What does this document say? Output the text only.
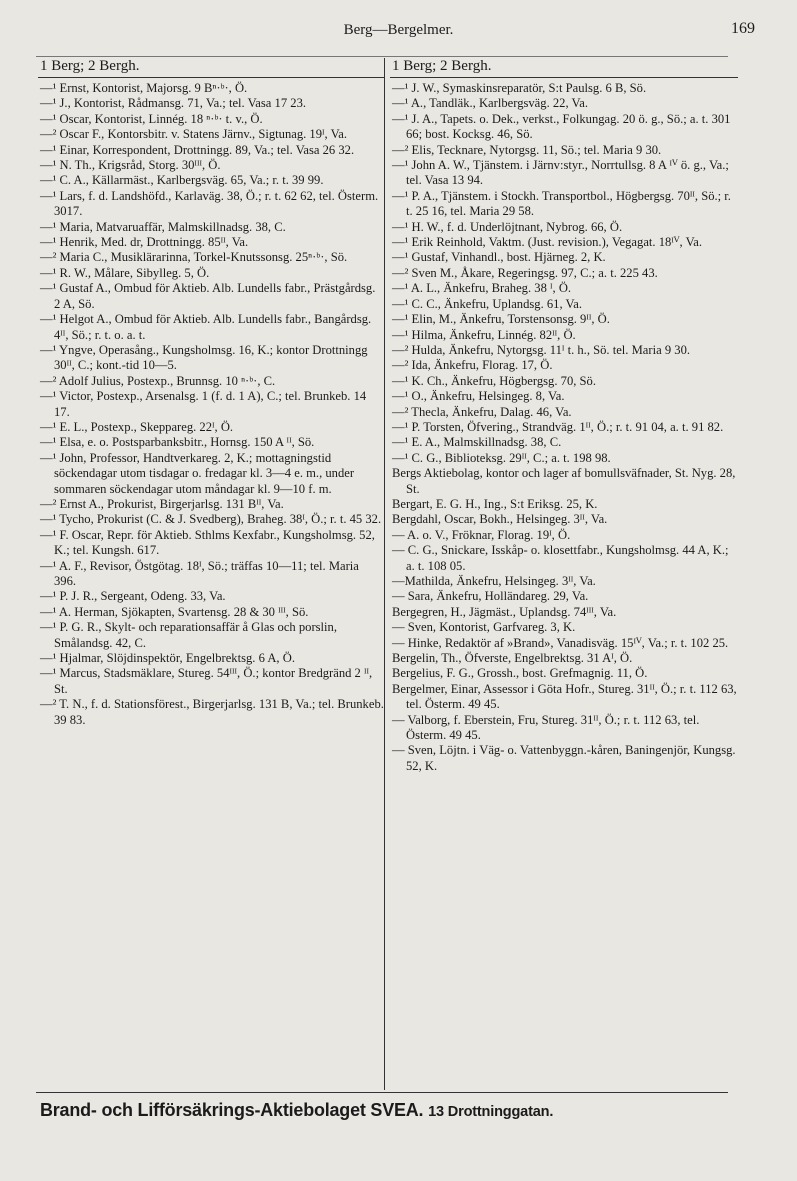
Berg—Bergelmer.	169
1 Berg; 2 Bergh.

—¹ Ernst, Kontorist, Majorsg. 9 Bⁿ·ᵇ·, Ö.

—¹ J., Kontorist, Rådmansg. 71, Va.; tel. Vasa 17 23.

—¹ Oscar, Kontorist, Linnég. 18 ⁿ·ᵇ· t. v., Ö.

—² Oscar F., Kontorsbitr. v. Statens Järnv., Sigtunag. 19ᴵ, Va.

—¹ Einar, Korrespondent, Drottningg. 89, Va.; tel. Vasa 26 32.

—¹ N. Th., Krigsråd, Storg. 30ᴵᴵᴵ, Ö.

—¹ C. A., Källarmäst., Karlbergsväg. 65, Va.; r. t. 39 99.

—¹ Lars, f. d. Landshöfd., Karlaväg. 38, Ö.; r. t. 62 62, tel. Österm. 3017.

—¹ Maria, Matvaruaffär, Malmskillnadsg. 38, C.

—¹ Henrik, Med. dr, Drottningg. 85ᴵᴵ, Va.

—² Maria C., Musiklärarinna, Torkel-Knutssonsg. 25ⁿ·ᵇ·, Sö.

—¹ R. W., Målare, Sibylleg. 5, Ö.

—¹ Gustaf A., Ombud för Aktieb. Alb. Lundells fabr., Prästgårdsg. 2 A, Sö.

—¹ Helgot A., Ombud för Aktieb. Alb. Lundells fabr., Bangårdsg. 4ᴵᴵ, Sö.; r. t. o. a. t.

—¹ Yngve, Operasång., Kungsholmsg. 16, K.; kontor Drottningg 30ᴵᴵ, C.; kont.-tid 10—5.

—² Adolf Julius, Postexp., Brunnsg. 10 ⁿ·ᵇ·, C.

—¹ Victor, Postexp., Arsenalsg. 1 (f. d. 1 A), C.; tel. Brunkeb. 14 17.

—¹ E. L., Postexp., Skeppareg. 22ᴵ, Ö.

—¹ Elsa, e. o. Postsparbanksbitr., Hornsg. 150 A ᴵᴵ, Sö.

—¹ John, Professor, Handtverkareg. 2, K.; mottagningstid söckendagar utom tisdagar o. fredagar kl. 3—4 e. m., under sommaren söckendagar utom måndagar kl. 9—10 f. m.

—² Ernst A., Prokurist, Birgerjarlsg. 131 Bᴵᴵ, Va.

—¹ Tycho, Prokurist (C. & J. Svedberg), Braheg. 38ᴵ, Ö.; r. t. 45 32.

—¹ F. Oscar, Repr. för Aktieb. Sthlms Kexfabr., Kungsholmsg. 52, K.; tel. Kungsh. 617.

—¹ A. F., Revisor, Östgötag. 18ᴵ, Sö.; träffas 10—11; tel. Maria 396.

—¹ P. J. R., Sergeant, Odeng. 33, Va.

—¹ A. Herman, Sjökapten, Svartensg. 28 & 30 ᴵᴵᴵ, Sö.

—¹ P. G. R., Skylt- och reparationsaffär å Glas och porslin, Smålandsg. 42, C.

—¹ Hjalmar, Slöjdinspektör, Engelbrektsg. 6 A, Ö.

—¹ Marcus, Stadsmäklare, Stureg. 54ᴵᴵᴵ, Ö.; kontor Bredgränd 2 ᴵᴵ, St.

—² T. N., f. d. Stationsförest., Birgerjarlsg. 131 B, Va.; tel. Brunkeb. 39 83.

1 Berg; 2 Bergh.

—¹ J. W., Symaskinsreparatör, S:t Paulsg. 6 B, Sö.

—¹ A., Tandläk., Karlbergsväg. 22, Va.

—¹ J. A., Tapets. o. Dek., verkst., Folkungag. 20 ö. g., Sö.; a. t. 301 66; bost. Kocksg. 46, Sö.

—² Elis, Tecknare, Nytorgsg. 11, Sö.; tel. Maria 9 30.

—¹ John A. W., Tjänstem. i Järnv:styr., Norrtullsg. 8 A ᴵⱽ ö. g., Va.; tel. Vasa 13 94.

—¹ P. A., Tjänstem. i Stockh. Transportbol., Högbergsg. 70ᴵᴵ, Sö.; r. t. 25 16, tel. Maria 29 58.

—¹ H. W., f. d. Underlöjtnant, Nybrog. 66, Ö.

—¹ Erik Reinhold, Vaktm. (Just. revision.), Vegagat. 18ᴵⱽ, Va.

—¹ Gustaf, Vinhandl., bost. Hjärneg. 2, K.

—² Sven M., Åkare, Regeringsg. 97, C.; a. t. 225 43.

—¹ A. L., Änkefru, Braheg. 38 ᴵ, Ö.

—¹ C. C., Änkefru, Uplandsg. 61, Va.

—¹ Elin, M., Änkefru, Torstensonsg. 9ᴵᴵ, Ö.

—¹ Hilma, Änkefru, Linnég. 82ᴵᴵ, Ö.

—² Hulda, Änkefru, Nytorgsg. 11ᴵ t. h., Sö. tel. Maria 9 30.

—² Ida, Änkefru, Florag. 17, Ö.

—¹ K. Ch., Änkefru, Högbergsg. 70, Sö.

—¹ O., Änkefru, Helsingeg. 8, Va.

—² Thecla, Änkefru, Dalag. 46, Va.

—¹ P. Torsten, Öfvering., Strandväg. 1ᴵᴵ, Ö.; r. t. 91 04, a. t. 91 82.

—¹ E. A., Malmskillnadsg. 38, C.

—¹ C. G., Biblioteksg. 29ᴵᴵ, C.; a. t. 198 98.

Bergs Aktiebolag, kontor och lager af bomullsväfnader, St. Nyg. 28, St.

Bergart, E. G. H., Ing., S:t Eriksg. 25, K.

Bergdahl, Oscar, Bokh., Helsingeg. 3ᴵᴵ, Va.

— A. o. V., Fröknar, Florag. 19ᴵ, Ö.

— C. G., Snickare, Isskåp- o. klosettfabr., Kungsholmsg. 44 A, K.; a. t. 108 05.

—Mathilda, Änkefru, Helsingeg. 3ᴵᴵ, Va.

— Sara, Änkefru, Holländareg. 29, Va.

Bergegren, H., Jägmäst., Uplandsg. 74ᴵᴵᴵ, Va.

— Sven, Kontorist, Garfvareg. 3, K.

— Hinke, Redaktör af »Brand», Vanadisväg. 15ᴵⱽ, Va.; r. t. 102 25.

Bergelin, Th., Öfverste, Engelbrektsg. 31 Aᴵ, Ö.

Bergelius, F. G., Grossh., bost. Grefmagnig. 11, Ö.

Bergelmer, Einar, Assessor i Göta Hofr., Stureg. 31ᴵᴵ, Ö.; r. t. 112 63, tel. Österm. 49 45.

— Valborg, f. Eberstein, Fru, Stureg. 31ᴵᴵ, Ö.; r. t. 112 63, tel. Österm. 49 45.

— Sven, Löjtn. i Väg- o. Vattenbyggn.-kåren, Baningenjör, Kungsg. 52, K.

Brand- och Lifförsäkrings-Aktiebolaget SVEA. 13 Drottninggatan.
